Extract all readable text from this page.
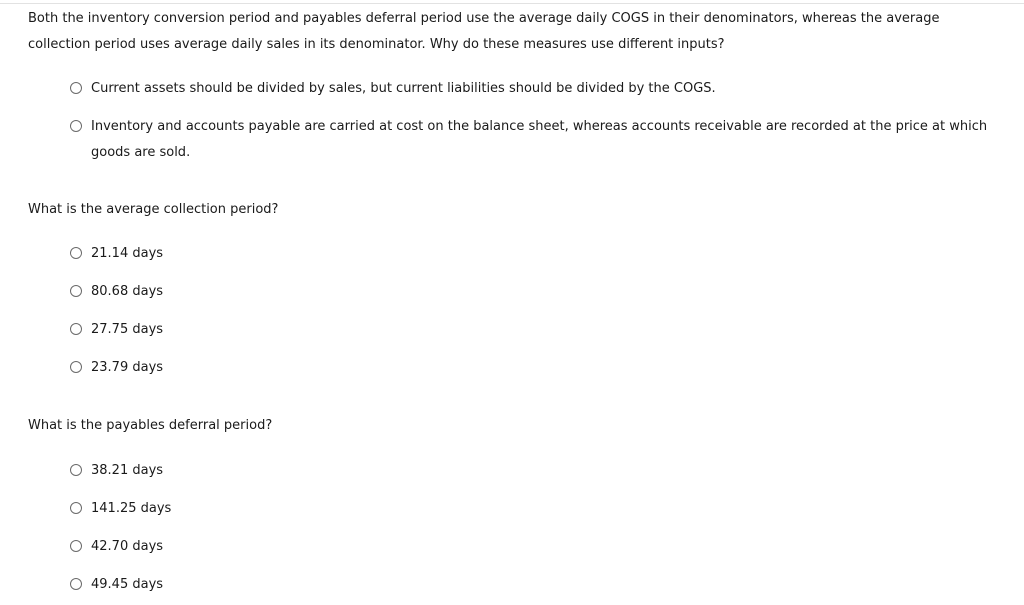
Both the inventory conversion period and payables deferral period use the average daily COGS in their denominators, whereas the average collection period uses average daily sales in its denominator. Why do these measures use different inputs?

Current assets should be divided by sales, but current liabilities should be divided by the COGS.
Inventory and accounts payable are carried at cost on the balance sheet, whereas accounts receivable are recorded at the price at which goods are sold.

What is the average collection period?

21.14 days
80.68 days
27.75 days
23.79 days

What is the payables deferral period?

38.21 days
141.25 days
42.70 days
49.45 days
